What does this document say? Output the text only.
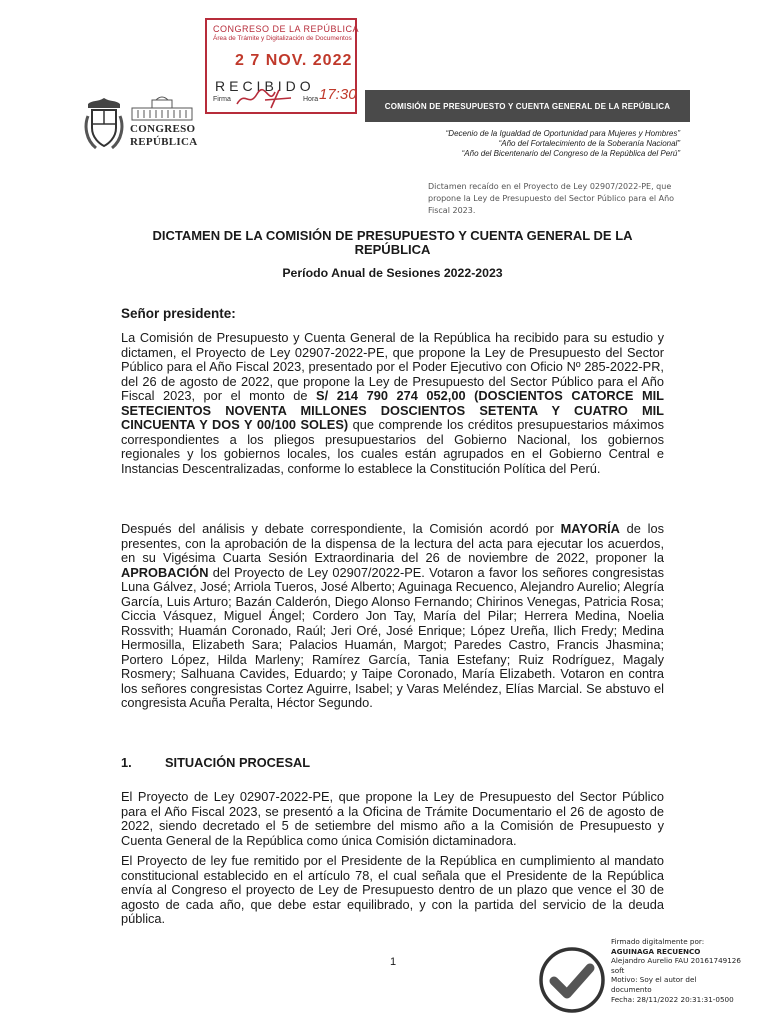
CONGRESO DE LA REPÚBLICA
Área de Trámite y Digitalización de Documentos
2 7 NOV. 2022
RECIBIDO
Firma	Hora 17:30
CONGRESO
REPÚBLICA
COMISIÓN DE PRESUPUESTO Y CUENTA GENERAL DE LA REPÚBLICA
“Decenio de la Igualdad de Oportunidad para Mujeres y Hombres”
“Año del Fortalecimiento de la Soberanía Nacional”
“Año del Bicentenario del Congreso de la República del Perú”
Dictamen recaído en el Proyecto de Ley 02907/2022-PE, que propone la Ley de Presupuesto del Sector Público para el Año Fiscal 2023.
DICTAMEN DE LA COMISIÓN DE PRESUPUESTO Y CUENTA GENERAL DE LA REPÚBLICA
Período Anual de Sesiones 2022-2023
Señor presidente:

La Comisión de Presupuesto y Cuenta General de la República ha recibido para su estudio y dictamen, el Proyecto de Ley 02907-2022-PE, que propone la Ley de Presupuesto del Sector Público para el Año Fiscal 2023, presentado por el Poder Ejecutivo con Oficio Nº 285-2022-PR, del 26 de agosto de 2022, que propone la Ley de Presupuesto del Sector Público para el Año Fiscal 2023, por el monto de S/ 214 790 274 052,00 (DOSCIENTOS CATORCE MIL SETECIENTOS NOVENTA MILLONES DOSCIENTOS SETENTA Y CUATRO MIL CINCUENTA Y DOS Y 00/100 SOLES) que comprende los créditos presupuestarios máximos correspondientes a los pliegos presupuestarios del Gobierno Nacional, los gobiernos regionales y los gobiernos locales, los cuales están agrupados en el Gobierno Central e Instancias Descentralizadas, conforme lo establece la Constitución Política del Perú.

Después del análisis y debate correspondiente, la Comisión acordó por MAYORÍA de los presentes, con la aprobación de la dispensa de la lectura del acta para ejecutar los acuerdos, en su Vigésima Cuarta Sesión Extraordinaria del 26 de noviembre de 2022, proponer la APROBACIÓN del Proyecto de Ley 02907/2022-PE. Votaron a favor los señores congresistas Luna Gálvez, José; Arriola Tueros, José Alberto; Aguinaga Recuenco, Alejandro Aurelio; Alegría García, Luis Arturo; Bazán Calderón, Diego Alonso Fernando; Chirinos Venegas, Patricia Rosa; Ciccia Vásquez, Miguel Ángel; Cordero Jon Tay, María del Pilar; Herrera Medina, Noelia Rossvith; Huamán Coronado, Raúl; Jeri Oré, José Enrique; López Ureña, Ilich Fredy; Medina Hermosilla, Elizabeth Sara; Palacios Huamán, Margot; Paredes Castro, Francis Jhasmina; Portero López, Hilda Marleny; Ramírez García, Tania Estefany; Ruiz Rodríguez, Magaly Rosmery; Salhuana Cavides, Eduardo; y Taipe Coronado, María Elizabeth. Votaron en contra los señores congresistas Cortez Aguirre, Isabel; y Varas Meléndez, Elías Marcial. Se abstuvo el congresista Acuña Peralta, Héctor Segundo.

1.	SITUACIÓN PROCESAL

El Proyecto de Ley 02907-2022-PE, que propone la Ley de Presupuesto del Sector Público para el Año Fiscal 2023, se presentó a la Oficina de Trámite Documentario el 26 de agosto de 2022, siendo decretado el 5 de setiembre del mismo año a la Comisión de Presupuesto y Cuenta General de la República como única Comisión dictaminadora.

El Proyecto de ley fue remitido por el Presidente de la República en cumplimiento al mandato constitucional establecido en el artículo 78, el cual señala que el Presidente de la República envía al Congreso el proyecto de Ley de Presupuesto dentro de un plazo que vence el 30 de agosto de cada año, que debe estar equilibrado, y con la partida del servicio de la deuda pública.

1
Firmado digitalmente por:
AGUINAGA RECUENCO
Alejandro Aurelio FAU 20161749126
soft
Motivo: Soy el autor del
documento
Fecha: 28/11/2022 20:31:31-0500
